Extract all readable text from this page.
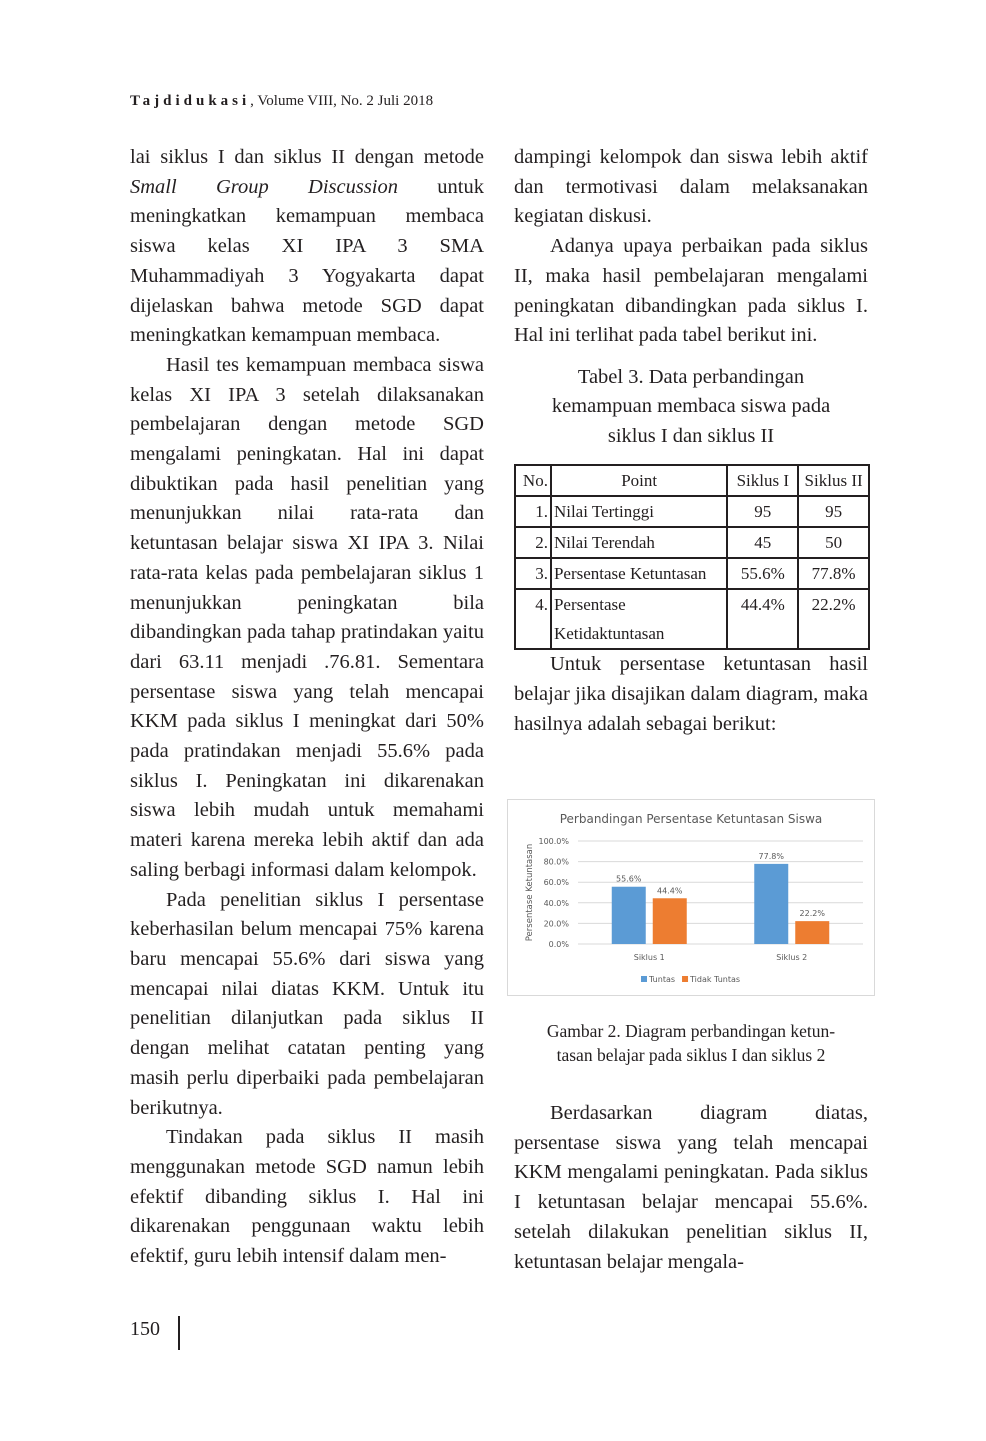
Tajdidukasi, Volume VIII, No. 2 Juli 2018

lai siklus I dan siklus II dengan metode Small Group Discussion untuk meningkatkan kemampuan membaca siswa kelas XI IPA 3 SMA Muhammadiyah 3 Yogyakarta dapat dijelaskan bahwa metode SGD dapat meningkatkan kemampuan membaca.

Hasil tes kemampuan membaca siswa kelas XI IPA 3 setelah dilaksanakan pembelajaran dengan metode SGD mengalami peningkatan. Hal ini dapat dibuktikan pada hasil penelitian yang menunjukkan nilai rata-rata dan ketuntasan belajar siswa XI IPA 3. Nilai rata-rata kelas pada pembelajaran siklus 1 menunjukkan peningkatan bila dibandingkan pada tahap pratindakan yaitu dari 63.11 menjadi .76.81. Sementara persentase siswa yang telah mencapai KKM pada siklus I meningkat dari 50% pada pratindakan menjadi 55.6% pada siklus I. Peningkatan ini dikarenakan siswa lebih mudah untuk memahami materi karena mereka lebih aktif dan ada saling berbagi informasi dalam kelompok.

Pada penelitian siklus I persentase keberhasilan belum mencapai 75% karena baru mencapai 55.6% dari siswa yang mencapai nilai diatas KKM. Untuk itu penelitian dilanjutkan pada siklus II dengan melihat catatan penting yang masih perlu diperbaiki pada pembelajaran berikutnya.

Tindakan pada siklus II masih menggunakan metode SGD namun lebih efektif dibanding siklus I. Hal ini dikarenakan penggunaan waktu lebih efektif, guru lebih intensif dalam men-

dampingi kelompok dan siswa lebih aktif dan termotivasi dalam melaksanakan kegiatan diskusi.

Adanya upaya perbaikan pada siklus II, maka hasil pembelajaran mengalami peningkatan dibandingkan pada siklus I. Hal ini terlihat pada tabel berikut ini.

Tabel 3. Data perbandingan
kemampuan membaca siswa pada
siklus I dan siklus II
No.	Point	Siklus I	Siklus II
1.	Nilai Tertinggi	95	95
2.	Nilai Terendah	45	50
3.	Persentase Ketuntasan	55.6%	77.8%
4.	Persentase Ketidaktuntasan	44.4%	22.2%

Untuk persentase ketuntasan hasil belajar jika disajikan dalam diagram, maka hasilnya adalah sebagai berikut:

Perbandingan Persentase Ketuntasan Siswa
0.0%
20.0%
40.0%
60.0%
80.0%
100.0%
Persentase Ketuntasan	55.6%
44.4%
Siklus 1
77.8%
22.2%
Siklus 2
Tuntas Tidak Tuntas
Gambar 2. Diagram perbandingan ketun-
tasan belajar pada siklus I dan siklus 2

Berdasarkan diagram diatas, persentase siswa yang telah mencapai KKM mengalami peningkatan. Pada siklus I ketuntasan belajar mencapai 55.6%. setelah dilakukan penelitian siklus II, ketuntasan belajar mengala-

150
